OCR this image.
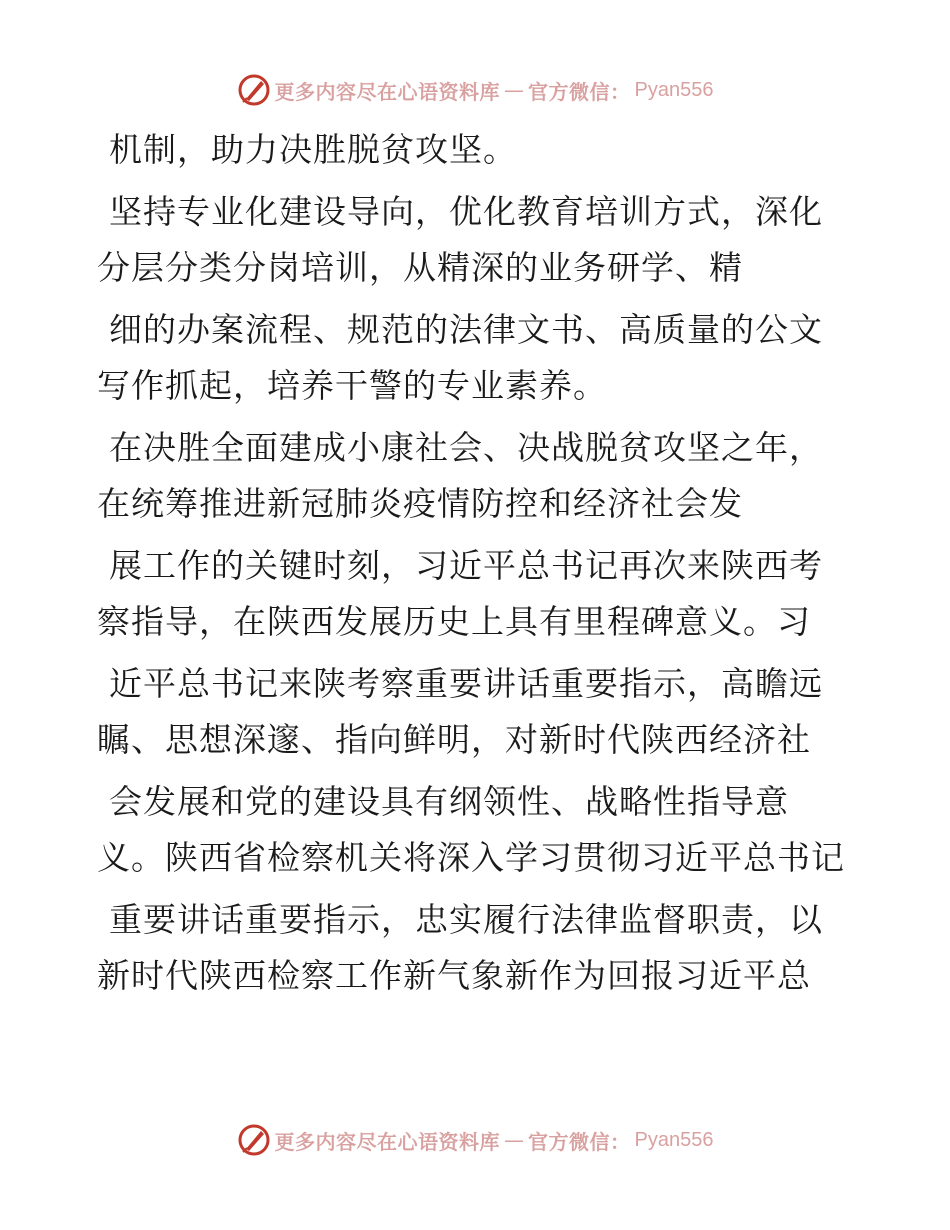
更多内容尽在心语资料库 — 官方微信： Pyan556
机制，助力决胜脱贫攻坚。
坚持专业化建设导向，优化教育培训方式，深化
分层分类分岗培训，从精深的业务研学、精
细的办案流程、规范的法律文书、高质量的公文
写作抓起，培养干警的专业素养。
在决胜全面建成小康社会、决战脱贫攻坚之年，
在统筹推进新冠肺炎疫情防控和经济社会发
展工作的关键时刻，习近平总书记再次来陕西考
察指导，在陕西发展历史上具有里程碑意义。习
近平总书记来陕考察重要讲话重要指示，高瞻远
瞩、思想深邃、指向鲜明，对新时代陕西经济社
会发展和党的建设具有纲领性、战略性指导意
义。陕西省检察机关将深入学习贯彻习近平总书记
重要讲话重要指示，忠实履行法律监督职责，以
新时代陕西检察工作新气象新作为回报习近平总
更多内容尽在心语资料库 — 官方微信： Pyan556
